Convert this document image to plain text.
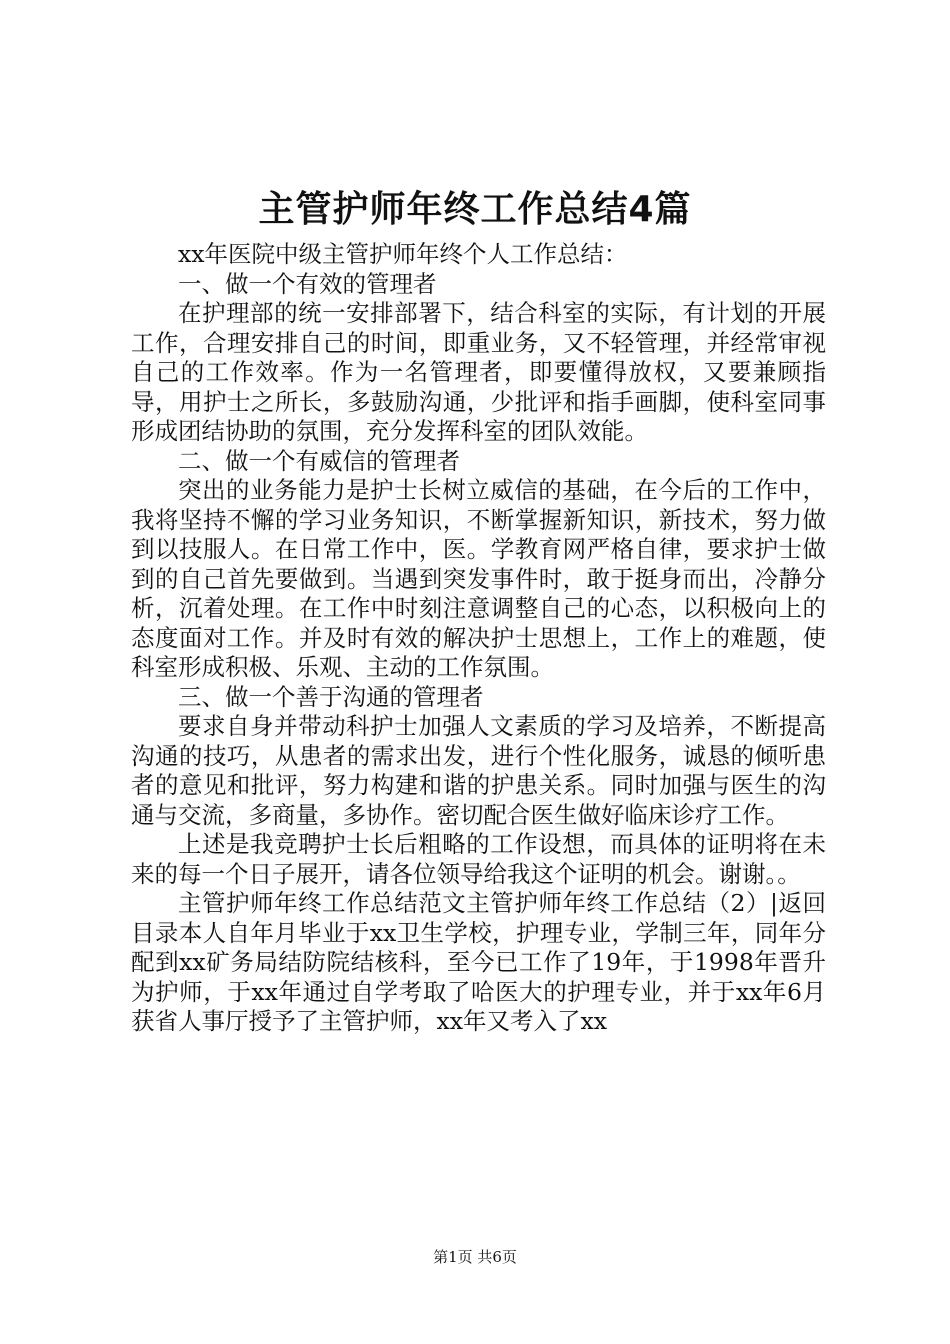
主管护师年终工作总结4篇

xx年医院中级主管护师年终个人工作总结：

一、做一个有效的管理者

在护理部的统一安排部署下，结合科室的实际，有计划的开展工作，合理安排自己的时间，即重业务，又不轻管理，并经常审视自己的工作效率。作为一名管理者，即要懂得放权，又要兼顾指导，用护士之所长，多鼓励沟通，少批评和指手画脚，使科室同事形成团结协助的氛围，充分发挥科室的团队效能。

二、做一个有威信的管理者

突出的业务能力是护士长树立威信的基础，在今后的工作中，我将坚持不懈的学习业务知识，不断掌握新知识，新技术，努力做到以技服人。在日常工作中，医。学教育网严格自律，要求护士做到的自己首先要做到。当遇到突发事件时，敢于挺身而出，冷静分析，沉着处理。在工作中时刻注意调整自己的心态，以积极向上的态度面对工作。并及时有效的解决护士思想上，工作上的难题，使科室形成积极、乐观、主动的工作氛围。

三、做一个善于沟通的管理者

要求自身并带动科护士加强人文素质的学习及培养，不断提高沟通的技巧，从患者的需求出发，进行个性化服务，诚恳的倾听患者的意见和批评，努力构建和谐的护患关系。同时加强与医生的沟通与交流，多商量，多协作。密切配合医生做好临床诊疗工作。

上述是我竞聘护士长后粗略的工作设想，而具体的证明将在未来的每一个日子展开，请各位领导给我这个证明的机会。谢谢。。

主管护师年终工作总结范文主管护师年终工作总结（2）|返回目录本人自年月毕业于xx卫生学校，护理专业，学制三年，同年分配到xx矿务局结防院结核科，至今已工作了19年，于1998年晋升为护师，于xx年通过自学考取了哈医大的护理专业，并于xx年6月获省人事厅授予了主管护师，xx年又考入了xx

第1页 共6页
